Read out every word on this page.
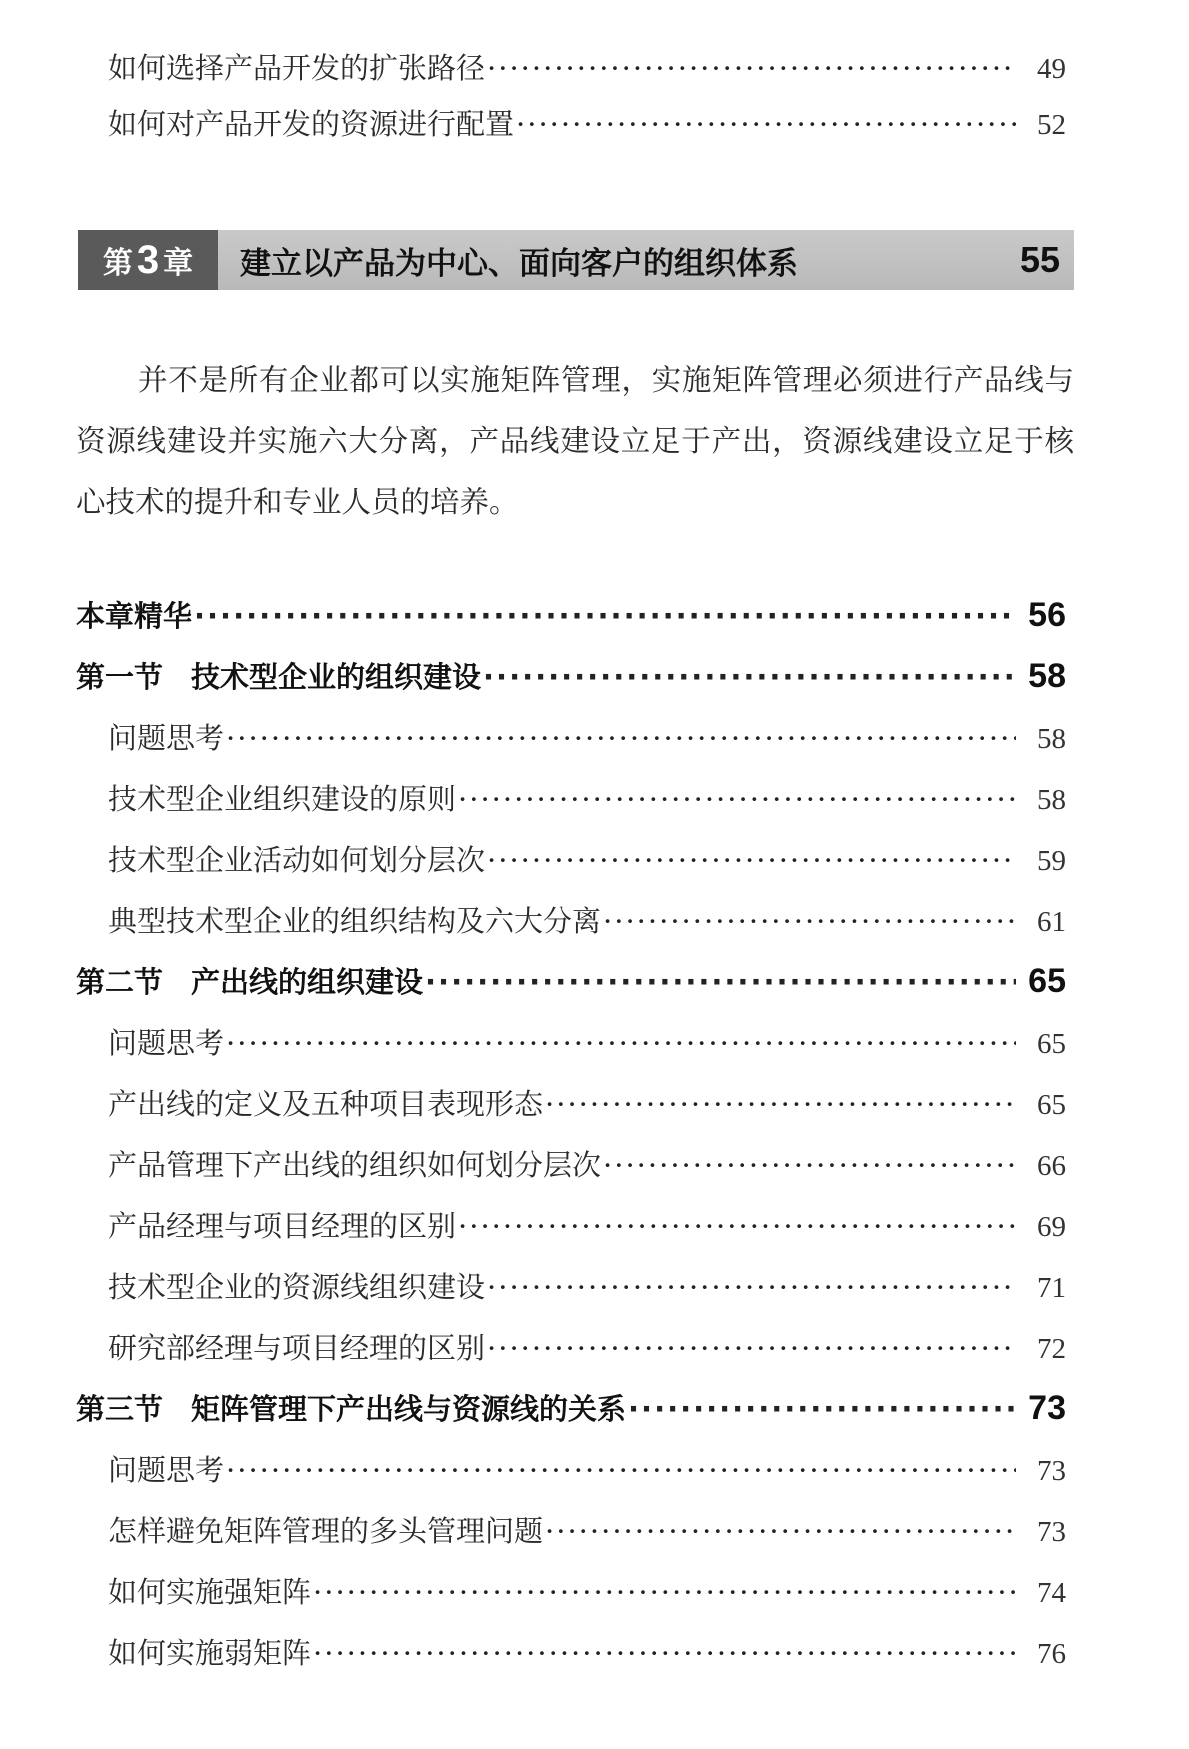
如何选择产品开发的扩张路径 ·····	49
如何对产品开发的资源进行配置 ·····	52
第 3 章 建立以产品为中心、面向客户的组织体系	55

并不是所有企业都可以实施矩阵管理，实施矩阵管理必须进行产品线与资源线建设并实施六大分离，产品线建设立足于产出，资源线建设立足于核心技术的提升和专业人员的培养。

本章精华 ·····	56
第一节 技术型企业的组织建设 ·····	58
问题思考 ·····	58
技术型企业组织建设的原则 ·····	58
技术型企业活动如何划分层次 ·····	59
典型技术型企业的组织结构及六大分离 ·····	61
第二节 产出线的组织建设 ·····	65
问题思考 ·····	65
产出线的定义及五种项目表现形态 ·····	65
产品管理下产出线的组织如何划分层次 ·····	66
产品经理与项目经理的区别 ·····	69
技术型企业的资源线组织建设 ·····	71
研究部经理与项目经理的区别 ·····	72
第三节 矩阵管理下产出线与资源线的关系 ·····	73
问题思考 ·····	73
怎样避免矩阵管理的多头管理问题 ·····	73
如何实施强矩阵 ·····	74
如何实施弱矩阵 ·····	76
